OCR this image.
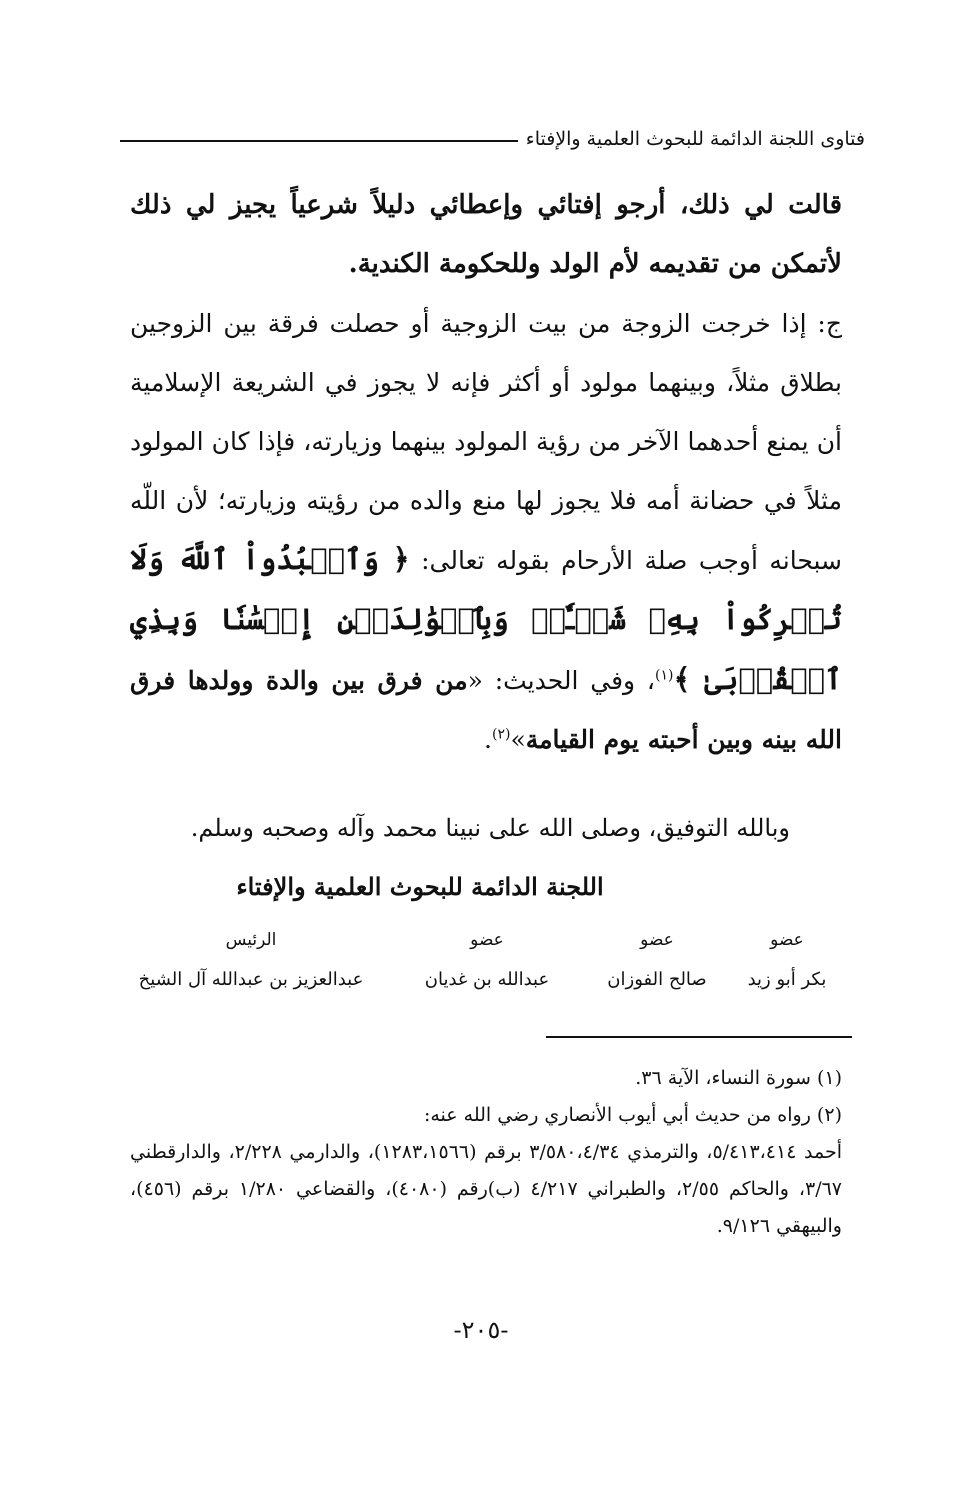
فتاوى اللجنة الدائمة للبحوث العلمية والإفتاء

قالت لي ذلك، أرجو إفتائي وإعطائي دليلاً شرعياً يجيز لي ذلك لأتمكن من تقديمه لأم الولد وللحكومة الكندية.

ج: إذا خرجت الزوجة من بيت الزوجية أو حصلت فرقة بين الزوجين بطلاق مثلاً، وبينهما مولود أو أكثر فإنه لا يجوز في الشريعة الإسلامية أن يمنع أحدهما الآخر من رؤية المولود بينهما وزيارته، فإذا كان المولود مثلاً في حضانة أمه فلا يجوز لها منع والده من رؤيته وزيارته؛ لأن اللّه سبحانه أوجب صلة الأرحام بقوله تعالى: ﴿ وَٱعۡبُدُواْ ٱللَّهَ وَلَا تُشۡرِكُواْ بِهِۦ شَيۡـٔٗاۖ وَبِٱلۡوَٰلِدَيۡنِ إِحۡسَٰنٗا وَبِذِي ٱلۡقُرۡبَىٰ ﴾$^{(١)}$، وفي الحديث: «من فرق بين والدة وولدها فرق الله بينه وبين أحبته يوم القيامة»$^{(٢)}$.

وبالله التوفيق، وصلى الله على نبينا محمد وآله وصحبه وسلم.
اللجنة الدائمة للبحوث العلمية والإفتاء
عضو
بكر أبو زيد
عضو
صالح الفوزان
عضو
عبدالله بن غديان
الرئيس
عبدالعزيز بن عبدالله آل الشيخ

(١) سورة النساء، الآية ٣٦.

(٢) رواه من حديث أبي أيوب الأنصاري رضي الله عنه:

أحمد ٥/٤١٣،٤١٤، والترمذي ٣/٥٨٠،٤/٣٤ برقم (١٢٨٣،١٥٦٦)، والدارمي ٢/٢٢٨، والدارقطني ٣/٦٧، والحاكم ٢/٥٥، والطبراني ٤/٢١٧ (ب)رقم (٤٠٨٠)، والقضاعي ١/٢٨٠ برقم (٤٥٦)، والبيهقي ٩/١٢٦.

-٢٠٥-
